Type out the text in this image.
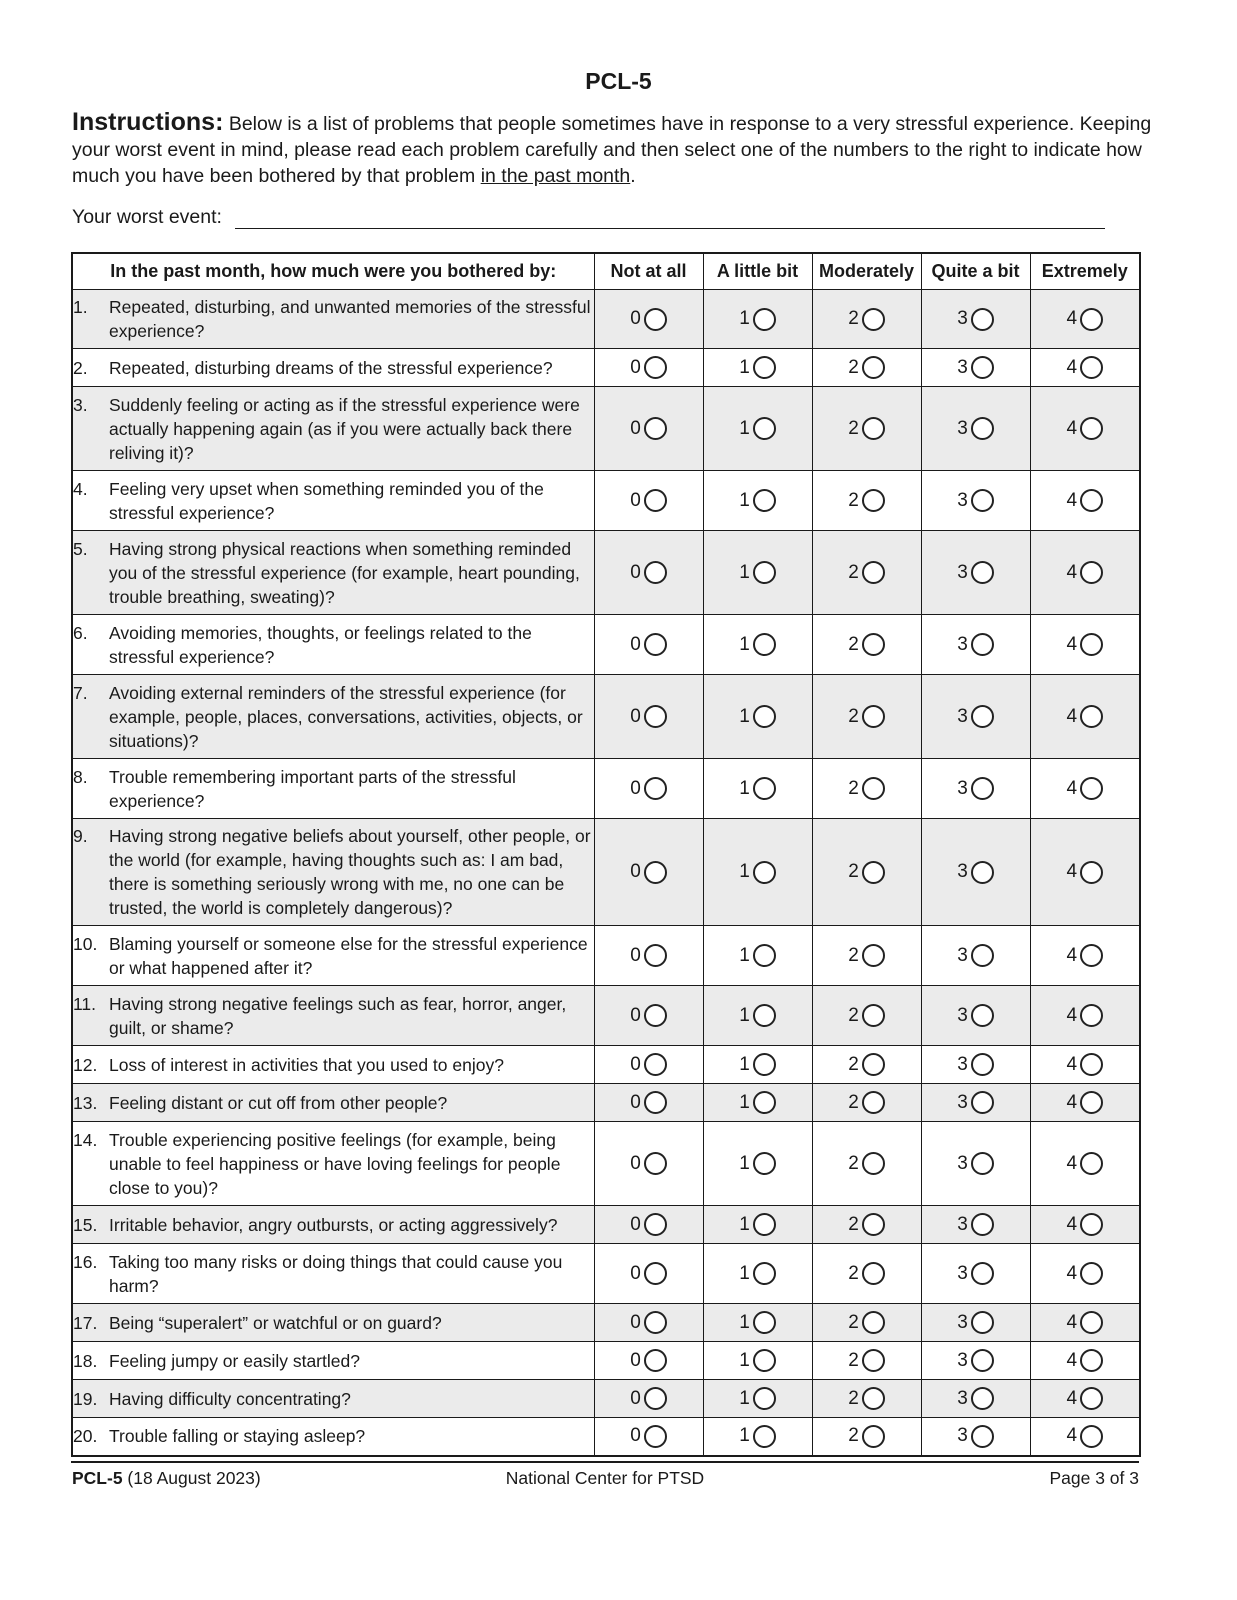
PCL-5
Instructions: Below is a list of problems that people sometimes have in response to a very stressful experience. Keeping your worst event in mind, please read each problem carefully and then select one of the numbers to the right to indicate how much you have been bothered by that problem in the past month.
Your worst event:
In the past month, how much were you bothered by:	Not at all	A little bit	Moderately	Quite a bit	Extremely

1. Repeated, disturbing, and unwanted memories of the stressful experience?	0	1	2	3	4

2. Repeated, disturbing dreams of the stressful experience?	0	1	2	3	4

3. Suddenly feeling or acting as if the stressful experience were actually happening again (as if you were actually back there reliving it)?	0	1	2	3	4

4. Feeling very upset when something reminded you of the stressful experience?	0	1	2	3	4

5. Having strong physical reactions when something reminded you of the stressful experience (for example, heart pounding, trouble breathing, sweating)?	0	1	2	3	4

6. Avoiding memories, thoughts, or feelings related to the stressful experience?	0	1	2	3	4

7. Avoiding external reminders of the stressful experience (for example, people, places, conversations, activities, objects, or situations)?	0	1	2	3	4

8. Trouble remembering important parts of the stressful experience?	0	1	2	3	4

9. Having strong negative beliefs about yourself, other people, or the world (for example, having thoughts such as: I am bad, there is something seriously wrong with me, no one can be trusted, the world is completely dangerous)?	0	1	2	3	4

10. Blaming yourself or someone else for the stressful experience or what happened after it?	0	1	2	3	4

11. Having strong negative feelings such as fear, horror, anger, guilt, or shame?	0	1	2	3	4

12. Loss of interest in activities that you used to enjoy?	0	1	2	3	4

13. Feeling distant or cut off from other people?	0	1	2	3	4

14. Trouble experiencing positive feelings (for example, being unable to feel happiness or have loving feelings for people close to you)?	0	1	2	3	4

15. Irritable behavior, angry outbursts, or acting aggressively?	0	1	2	3	4

16. Taking too many risks or doing things that could cause you harm?	0	1	2	3	4

17. Being “superalert” or watchful or on guard?	0	1	2	3	4

18. Feeling jumpy or easily startled?	0	1	2	3	4

19. Having difficulty concentrating?	0	1	2	3	4

20. Trouble falling or staying asleep?	0	1	2	3	4
PCL-5 (18 August 2023)	National Center for PTSD	Page 3 of 3
